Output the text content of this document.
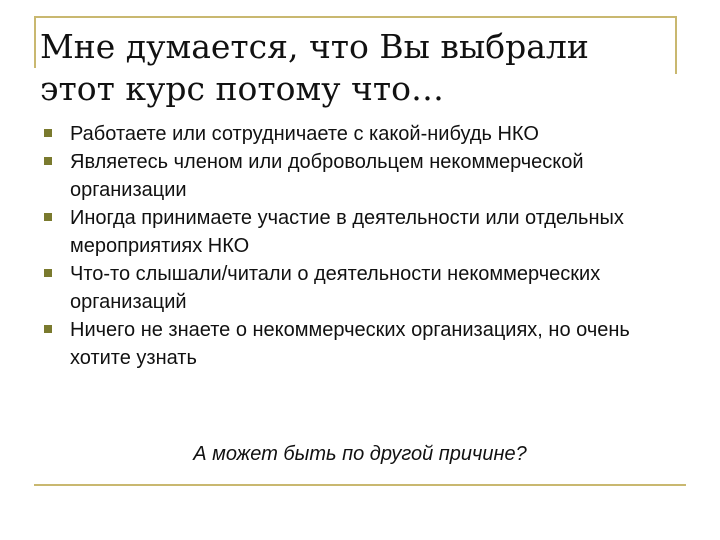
Мне думается, что Вы выбрали этот курс потому что…
Работаете или сотрудничаете с какой-нибудь НКО
Являетесь членом или добровольцем некоммерческой организации
Иногда принимаете участие в деятельности или отдельных мероприятиях НКО
Что-то слышали/читали о деятельности некоммерческих организаций
Ничего не знаете о некоммерческих организациях, но очень хотите узнать

А может быть по другой причине?
